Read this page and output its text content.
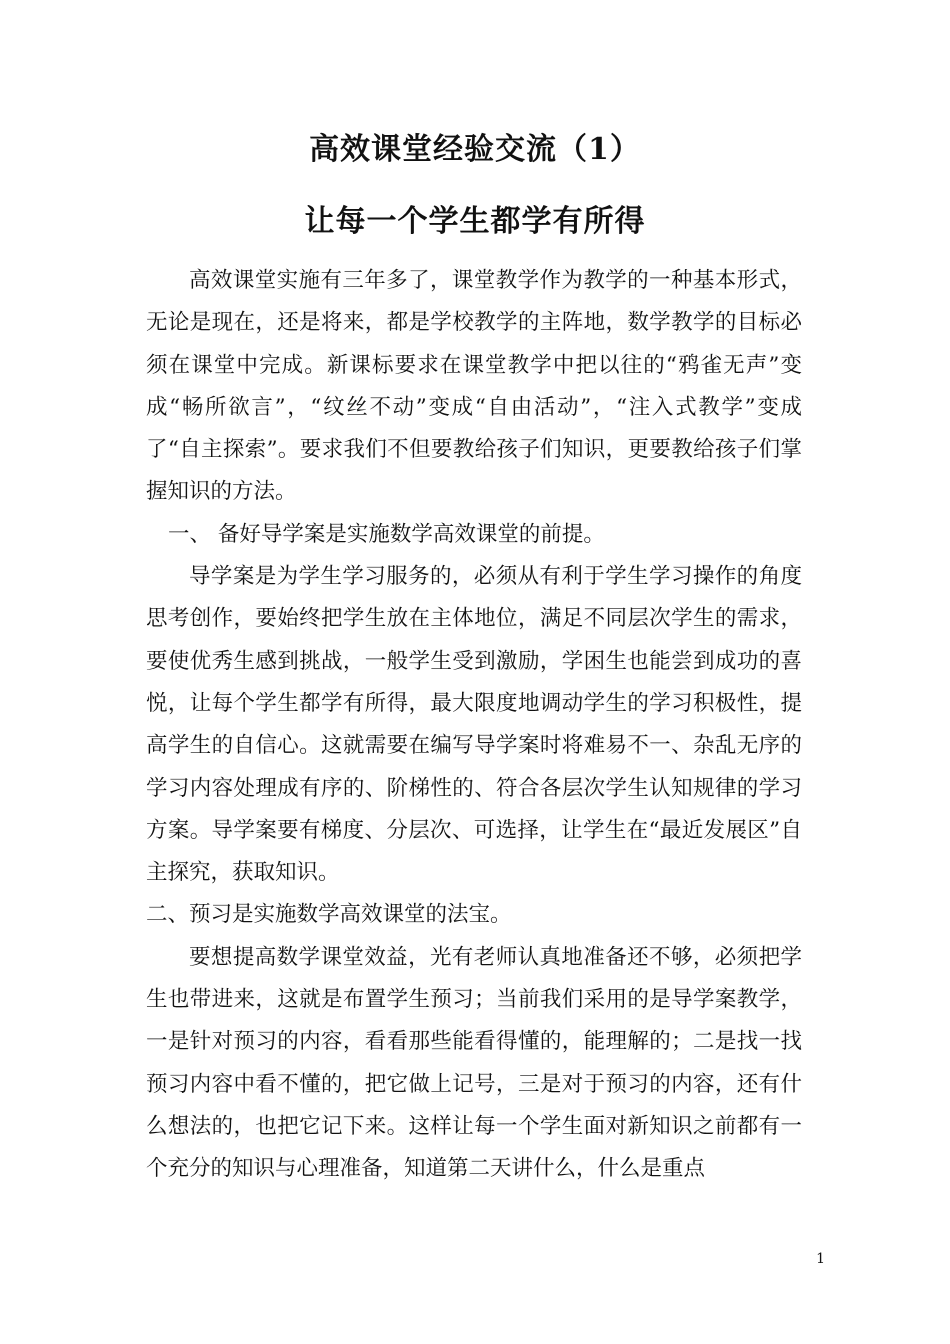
高效课堂经验交流（1）
让每一个学生都学有所得

高效课堂实施有三年多了，课堂教学作为教学的一种基本形式，无论是现在，还是将来，都是学校教学的主阵地，数学教学的目标必须在课堂中完成。新课标要求在课堂教学中把以往的“鸦雀无声”变成“畅所欲言”，“纹丝不动”变成“自由活动”，“注入式教学”变成了“自主探索”。要求我们不但要教给孩子们知识，更要教给孩子们掌握知识的方法。

一、 备好导学案是实施数学高效课堂的前提。

导学案是为学生学习服务的，必须从有利于学生学习操作的角度思考创作，要始终把学生放在主体地位，满足不同层次学生的需求，要使优秀生感到挑战，一般学生受到激励，学困生也能尝到成功的喜悦，让每个学生都学有所得，最大限度地调动学生的学习积极性，提高学生的自信心。这就需要在编写导学案时将难易不一、杂乱无序的学习内容处理成有序的、阶梯性的、符合各层次学生认知规律的学习方案。导学案要有梯度、分层次、可选择，让学生在“最近发展区”自主探究，获取知识。

二、预习是实施数学高效课堂的法宝。

要想提高数学课堂效益，光有老师认真地准备还不够，必须把学生也带进来，这就是布置学生预习；当前我们采用的是导学案教学，一是针对预习的内容，看看那些能看得懂的，能理解的；二是找一找预习内容中看不懂的，把它做上记号，三是对于预习的内容，还有什么想法的，也把它记下来。这样让每一个学生面对新知识之前都有一个充分的知识与心理准备，知道第二天讲什么，什么是重点

1
